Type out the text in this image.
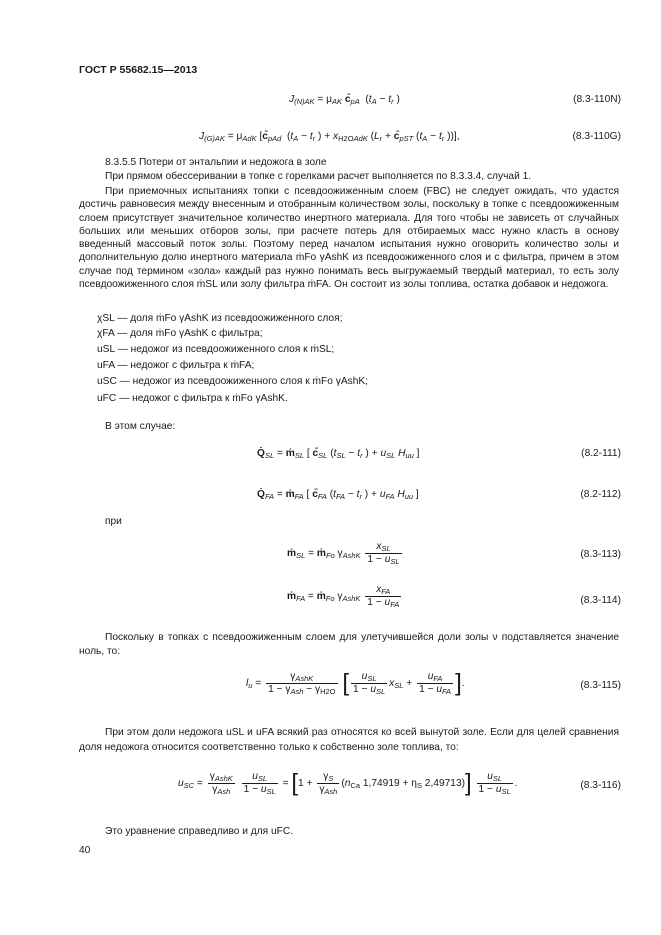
ГОСТ Р 55682.15—2013
$J_{(N)AK} = \mu_{AK}$ $c̄_{pA}$  ($t_A - t_r$ )	(8.3-110N)
$J_{(G)AK} = \mu_{AdK}$ [$c̄_{pAd}$  ($t_A - t_r$ ) + $x_{H2OAdK}$ ($L_r$ + $c̄_{pST}$ ($t_A - t_r$ ))],	(8.3-110G)
8.3.5.5 Потери от энтальпии и недожога в золе
При прямом обессеривании в топке с горелками расчет выполняется по 8.3.3.4, случай 1.
При приемочных испытаниях топки с псевдоожиженным слоем (FBC) не следует ожидать, что удастся достичь равновесия между внесенным и отобранным количеством золы, поскольку в топке с псевдоожиженным слоем присутствует значительное количество инертного материала. Для того чтобы не зависеть от случайных больших или меньших отборов золы, при расчете потерь для отбираемых масс нужно класть в основу введенный массовый поток золы. Поэтому перед началом испытания нужно оговорить количество золы и дополнительную долю инертного материала ṁFo γAshK из псевдоожиженного слоя и с фильтра, причем в этом случае под термином «зола» каждый раз нужно понимать весь выгружаемый твердый материал, то есть золу псевдоожиженного слоя ṁSL или золу фильтра ṁFA. Он состоит из золы топлива, остатка добавок и недожога.
χSL — доля ṁFo γAshK из псевдоожиженного слоя;
χFA — доля ṁFo γAshK с фильтра;
uSL — недожог из псевдоожиженного слоя к ṁSL;
uFA — недожог с фильтра к ṁFA;
uSC — недожог из псевдоожиженного слоя к ṁFo γAshK;
uFC — недожог с фильтра к ṁFo γAshK.
В этом случае:
$Q̇_{SL}$ = ṁ$_{SL}$ [ $c̄_{SL}$ ($t_{SL} - t_r$ ) + $u_{SL}$ $H_{uu}$ ]	(8.2-111)
$Q̇_{FA}$ = ṁ$_{FA}$ [ $c̄_{FA}$ ($t_{FA} - t_r$ ) + $u_{FA}$ $H_{uu}$ ]	(8.2-112)
при
ṁ$_{SL}$ = ṁ$_{Fo}$ $\gamma_{AshK}$
$x_{SL}$
$1 - u_{SL}$
(8.3-113)
ṁ$_{FA}$ = ṁ$_{Fo}$ $\gamma_{AshK}$
$x_{FA}$
$1 - u_{FA}$	(8.3-114)
Поскольку в топках с псевдоожиженным слоем для улетучившейся доли золы ν подставляется значение ноль, то:
$l_u$ =
$\gamma_{AshK}$
$1 - \gamma_{Ash} - \gamma_{H2O}$ [	$u_{SL}$
$1 - u_{SL}$
$x_{SL}$ +
$u_{FA}$
$1 - u_{FA}$ ].	(8.3-115)
При этом доли недожога uSL и uFA всякий раз относятся ко всей вынутой золе. Если для целей сравнения доля недожога относится соответственно только к собственно золе топлива, то:
$u_{SC}$ =
$\gamma_{AshK}$
$\gamma_{Ash}$

$u_{SL}$
$1 - u_{SL}$
= [1 +
$\gamma_S$
$\gamma_{Ash}$
($n_{Ca}$ $1,74919 + \eta_S$ 2,49713)]	$u_{SL}$
$1 - u_{SL}$
.	(8.3-116)
Это уравнение справедливо и для uFC.
40
